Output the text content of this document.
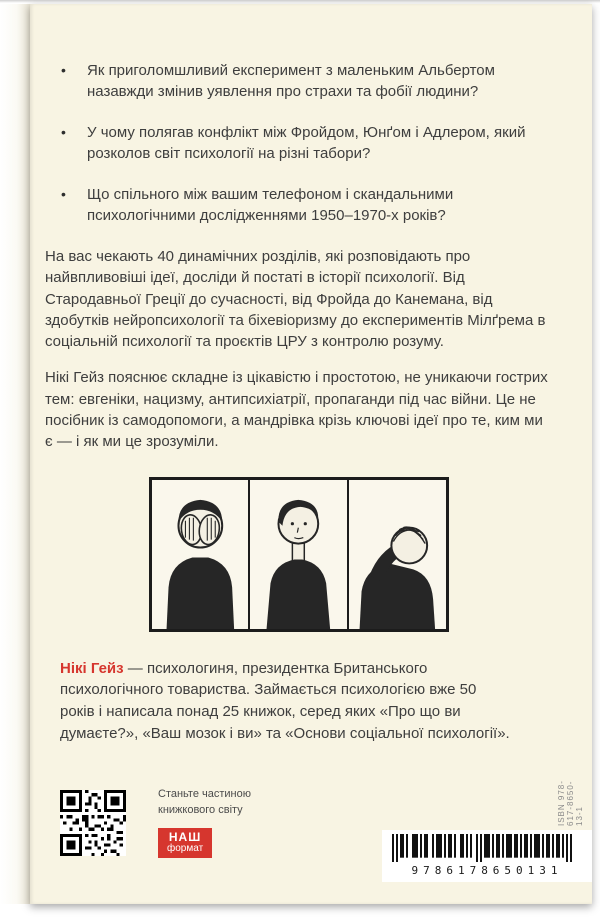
•	Як приголомшливий експеримент з маленьким Альбертом назавжди змінив уявлення про страхи та фобії людини?
•	У чому полягав конфлікт між Фройдом, Юнґом і Адлером, який розколов світ психології на різні табори?
•	Що спільного між вашим телефоном і скандальними психологічними дослідженнями 1950–1970-х років?

На вас чекають 40 динамічних розділів, які розповідають про найвпливовіші ідеї, досліди й постаті в історії психології. Від Стародавньої Греції до сучасності, від Фройда до Канемана, від здобутків нейропсихології та біхевіоризму до експериментів Мілґрема в соціальній психології та проєктів ЦРУ з контролю розуму.

Нікі Гейз пояснює складне із цікавістю і простотою, не уникаючи гострих тем: евгеніки, нацизму, антипсихіатрії, пропаганди під час війни. Це не посібник із самодопомоги, а мандрівка крізь ключові ідеї про те, ким ми є — і як ми це зрозуміли.

Нікі Гейз — психологиня, президентка Британського психологічного товариства. Займається психологією вже 50 років і написала понад 25 книжок, серед яких «Про що ви думаєте?», «Ваш мозок і ви» та «Основи соціальної психології».

Станьте частиною
книжкового світу
НАШ
формат
ISBN 978-617-8650-13-1
9786178650131
